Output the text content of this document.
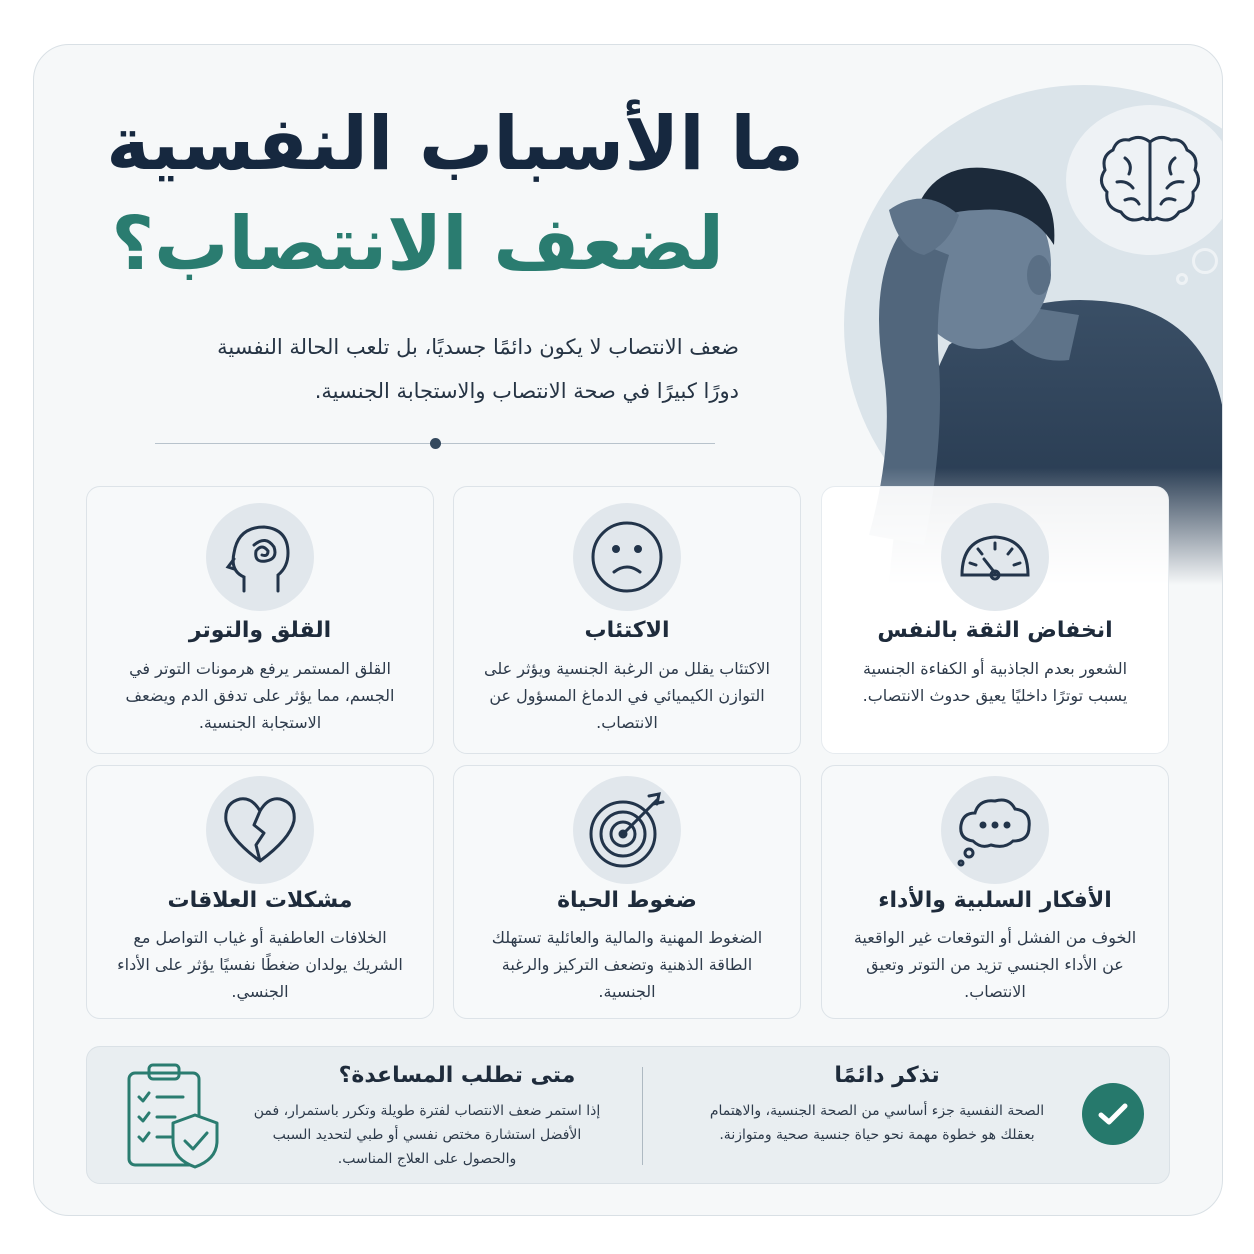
ما الأسباب النفسية
لضعف الانتصاب؟
ضعف الانتصاب لا يكون دائمًا جسديًا، بل تلعب الحالة النفسية
دورًا كبيرًا في صحة الانتصاب والاستجابة الجنسية.
انخفاض الثقة بالنفس

الشعور بعدم الجاذبية أو الكفاءة الجنسية يسبب توترًا داخليًا يعيق حدوث الانتصاب.

الاكتئاب

الاكتئاب يقلل من الرغبة الجنسية ويؤثر على التوازن الكيميائي في الدماغ المسؤول عن الانتصاب.

القلق والتوتر

القلق المستمر يرفع هرمونات التوتر في الجسم، مما يؤثر على تدفق الدم ويضعف الاستجابة الجنسية.

الأفكار السلبية والأداء

الخوف من الفشل أو التوقعات غير الواقعية عن الأداء الجنسي تزيد من التوتر وتعيق الانتصاب.

ضغوط الحياة

الضغوط المهنية والمالية والعائلية تستهلك الطاقة الذهنية وتضعف التركيز والرغبة الجنسية.

مشكلات العلاقات

الخلافات العاطفية أو غياب التواصل مع الشريك يولدان ضغطًا نفسيًا يؤثر على الأداء الجنسي.

تذكر دائمًا

الصحة النفسية جزء أساسي من الصحة الجنسية، والاهتمام بعقلك هو خطوة مهمة نحو حياة جنسية صحية ومتوازنة.

متى تطلب المساعدة؟

إذا استمر ضعف الانتصاب لفترة طويلة وتكرر باستمرار، فمن الأفضل استشارة مختص نفسي أو طبي لتحديد السبب والحصول على العلاج المناسب.
